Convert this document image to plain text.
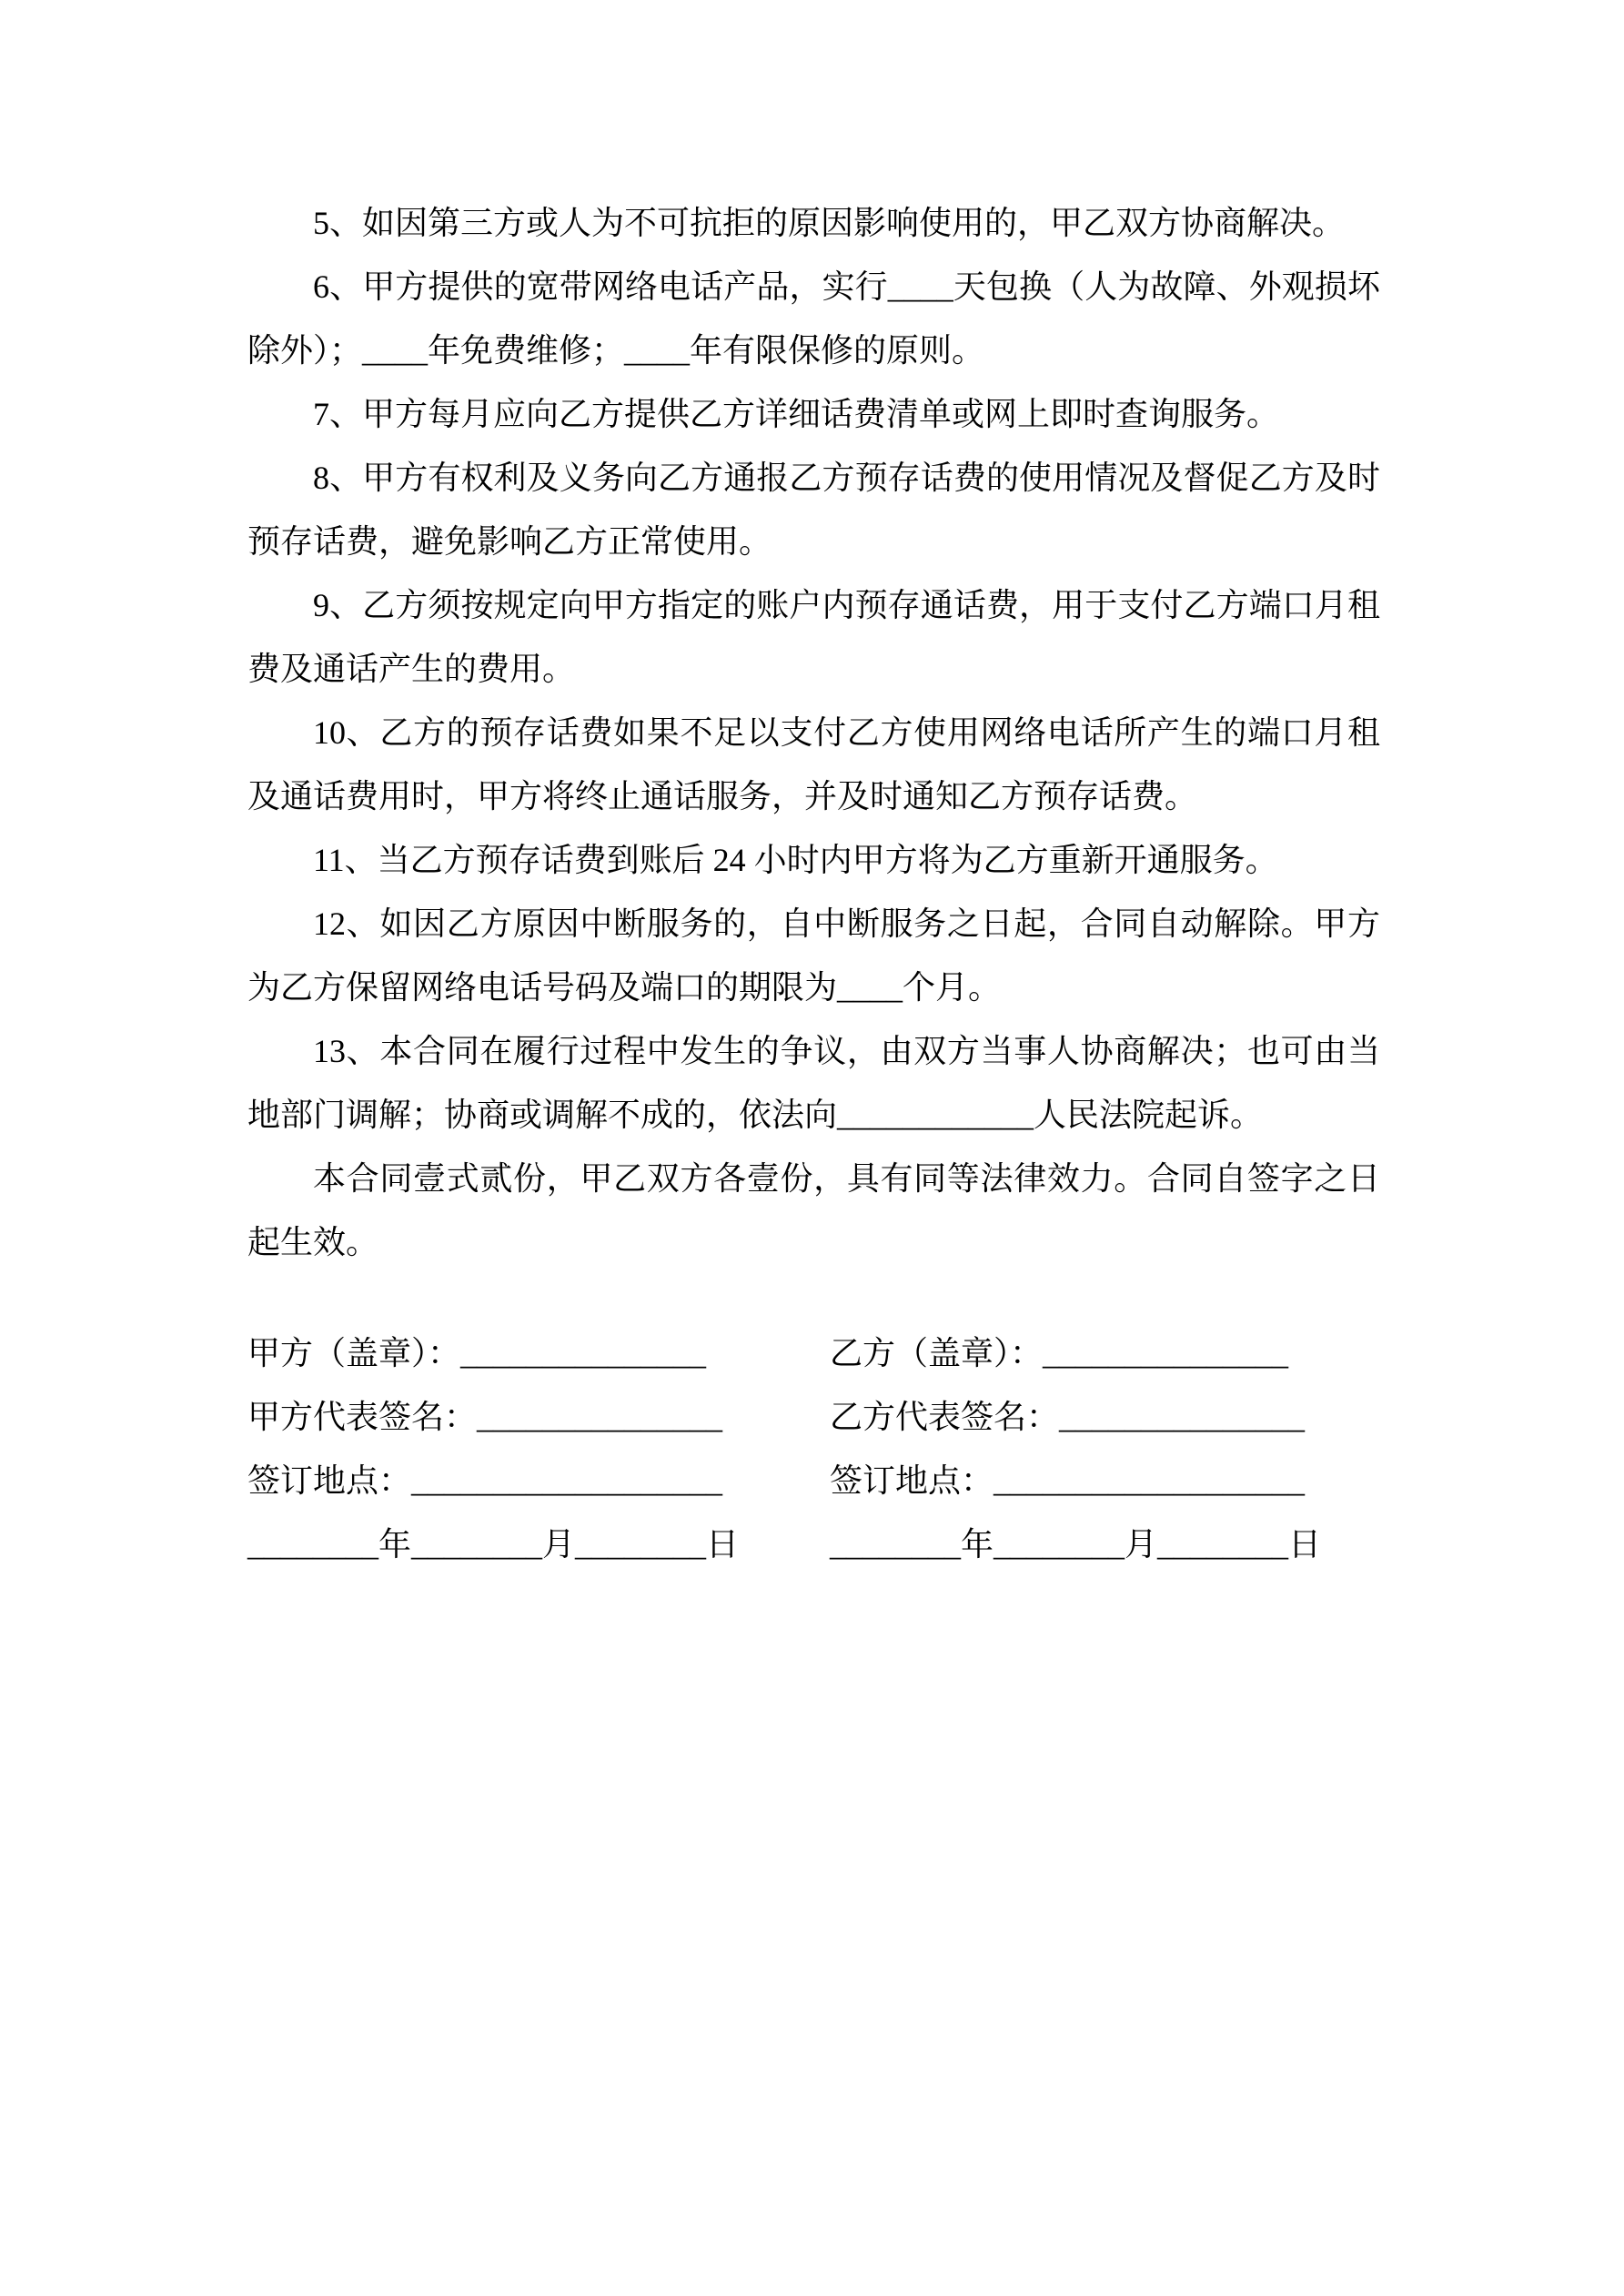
5、如因第三方或人为不可抗拒的原因影响使用的，甲乙双方协商解决。

6、甲方提供的宽带网络电话产品，实行____天包换（人为故障、外观损坏除外）；____年免费维修；____年有限保修的原则。

7、甲方每月应向乙方提供乙方详细话费清单或网上即时查询服务。

8、甲方有权利及义务向乙方通报乙方预存话费的使用情况及督促乙方及时预存话费，避免影响乙方正常使用。

9、乙方须按规定向甲方指定的账户内预存通话费，用于支付乙方端口月租费及通话产生的费用。

10、乙方的预存话费如果不足以支付乙方使用网络电话所产生的端口月租及通话费用时，甲方将终止通话服务，并及时通知乙方预存话费。

11、当乙方预存话费到账后 24 小时内甲方将为乙方重新开通服务。

12、如因乙方原因中断服务的，自中断服务之日起，合同自动解除。甲方为乙方保留网络电话号码及端口的期限为____个月。

13、本合同在履行过程中发生的争议，由双方当事人协商解决；也可由当地部门调解；协商或调解不成的，依法向____________人民法院起诉。

本合同壹式贰份，甲乙双方各壹份，具有同等法律效力。合同自签字之日起生效。

甲方（盖章）：_______________	乙方（盖章）：_______________
甲方代表签名：_______________	乙方代表签名：_______________
签订地点：___________________	签订地点：___________________
________年________月________日	________年________月________日
